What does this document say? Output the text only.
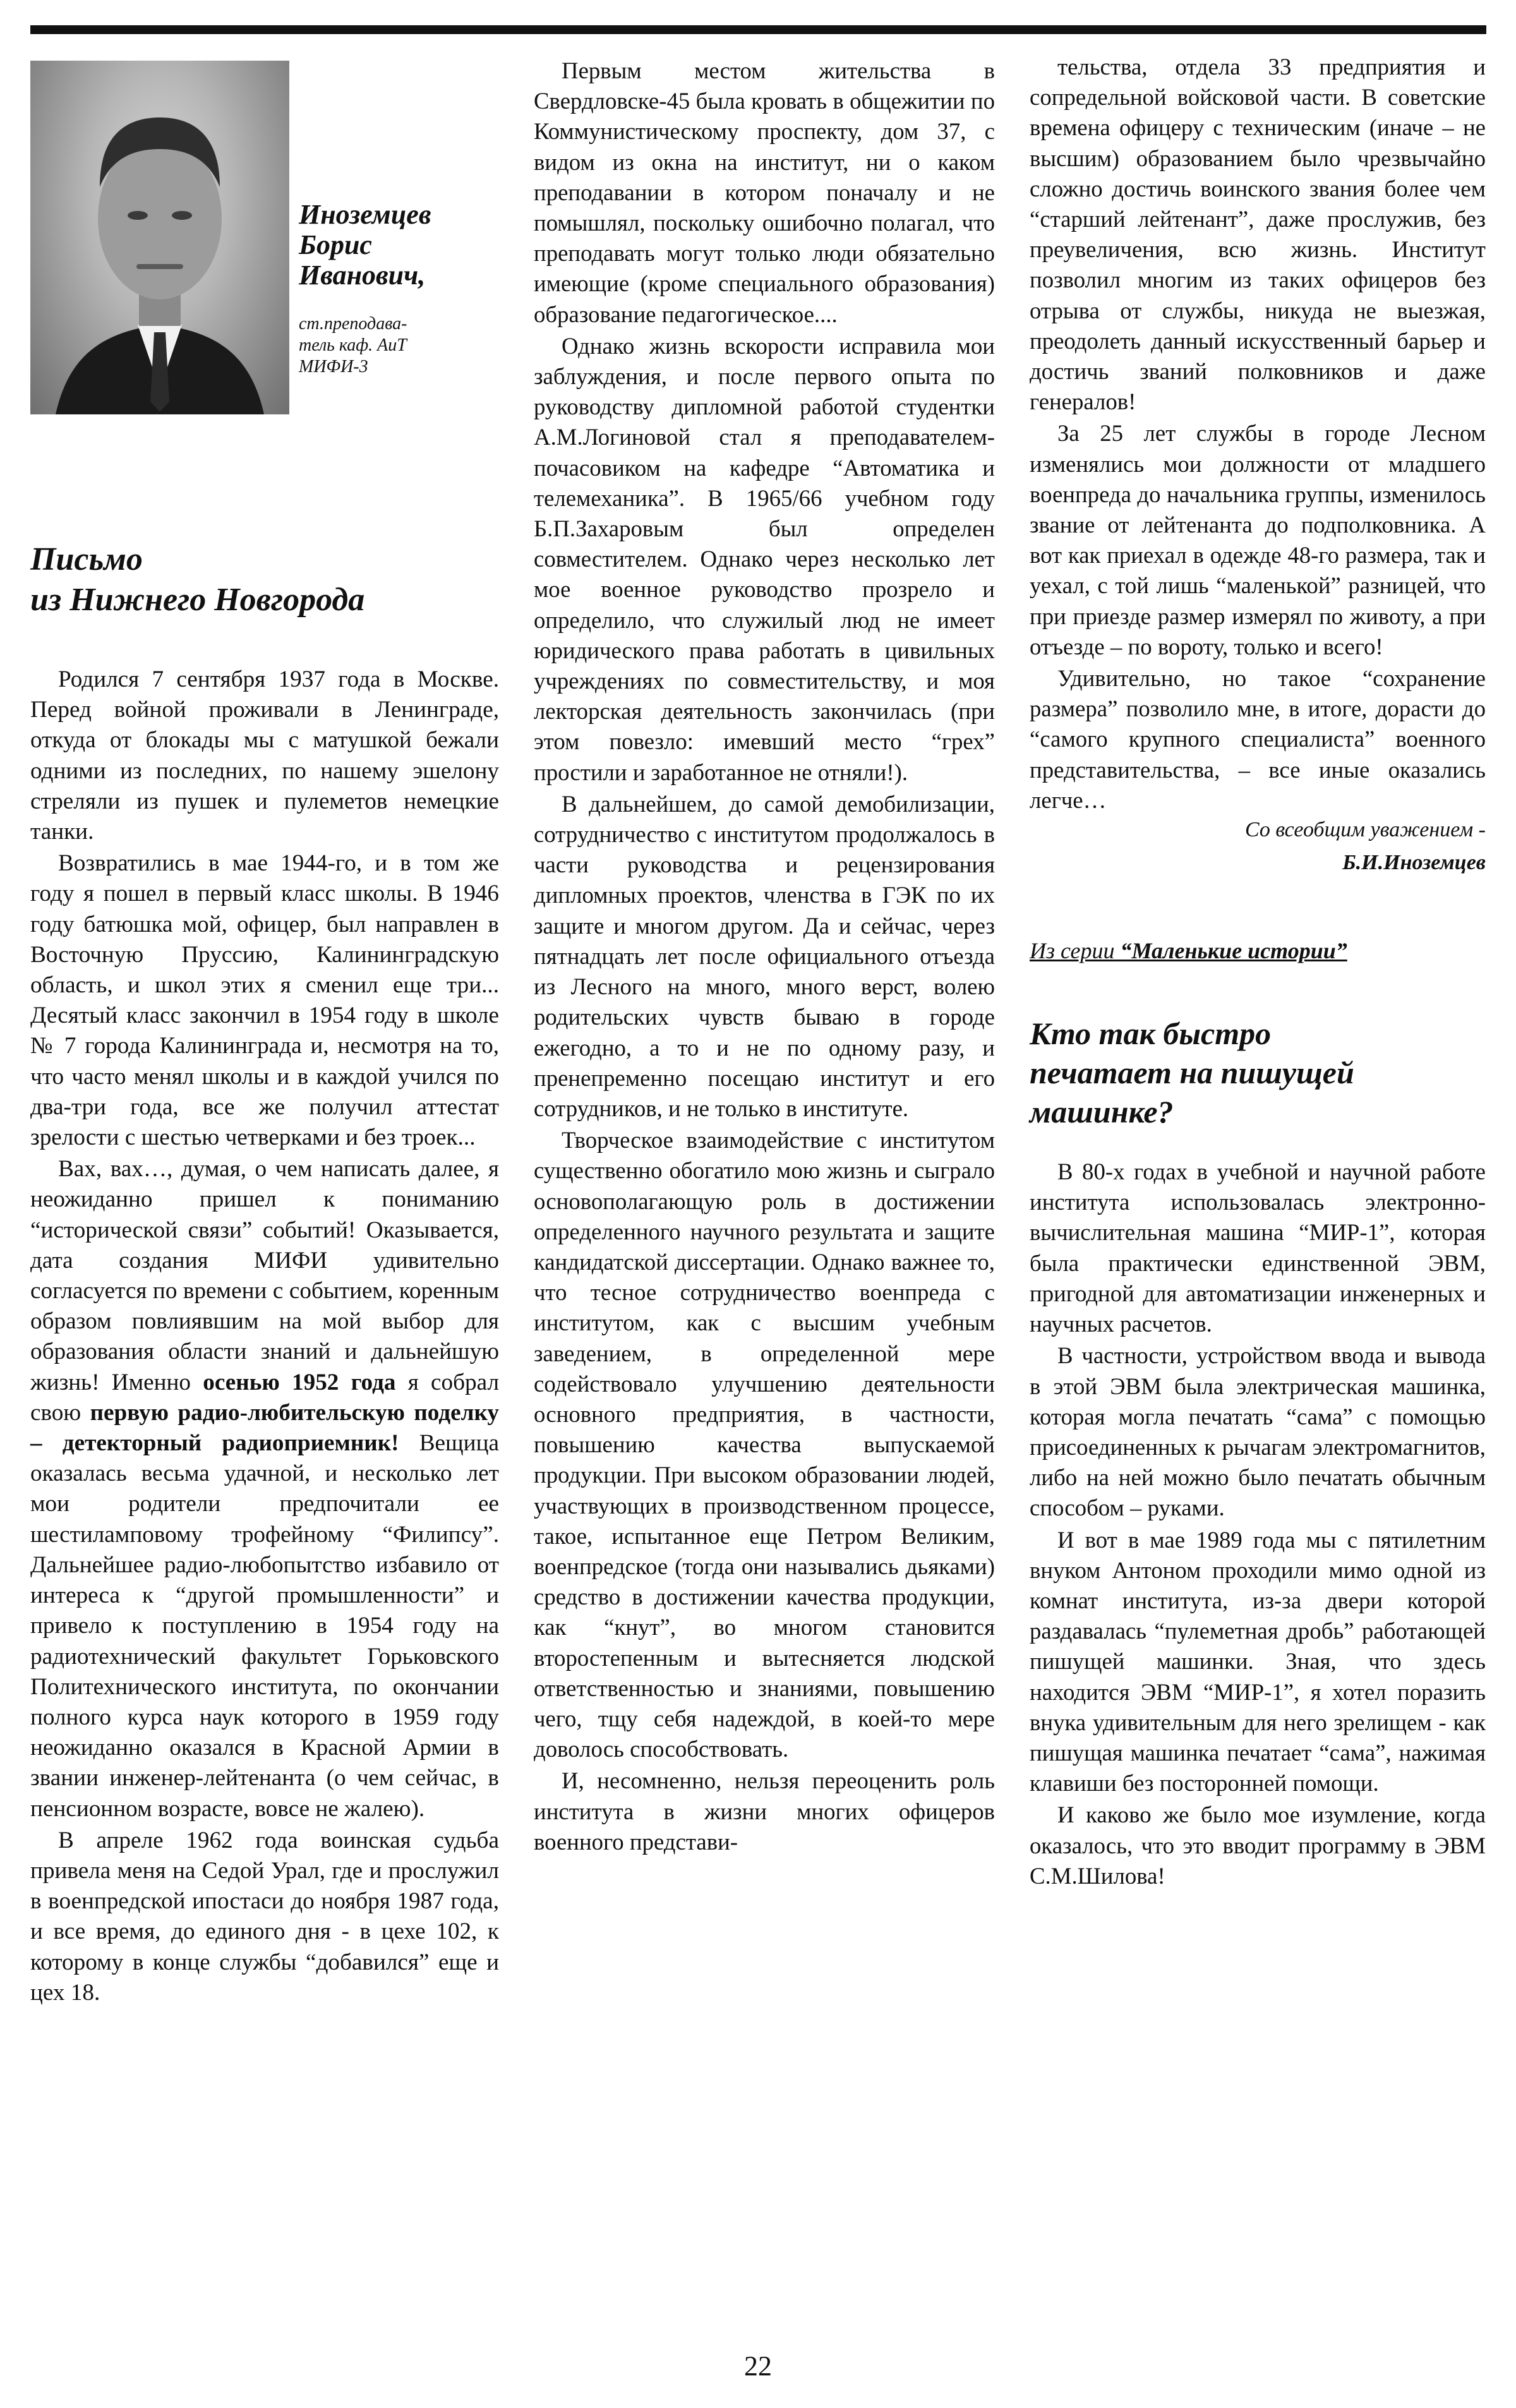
Иноземцев
Борис
Иванович,
ст.преподава-
тель каф. АиТ
МИФИ-3
Письмо
из Нижнего Новгорода

Родился 7 сентября 1937 года в Москве. Перед войной проживали в Ленинграде, откуда от блокады мы с матушкой бежали одними из последних, по нашему эшелону стреляли из пушек и пулеметов немецкие танки.

Возвратились в мае 1944-го, и в том же году я пошел в первый класс школы. В 1946 году батюшка мой, офицер, был направлен в Восточную Пруссию, Калининградскую область, и школ этих я сменил еще три... Десятый класс закончил в 1954 году в школе № 7 города Калининграда и, несмотря на то, что часто менял школы и в каждой учился по два-три года, все же получил аттестат зрелости с шестью четверками и без троек...

Вах, вах…, думая, о чем написать далее, я неожиданно пришел к пониманию “исторической связи” событий! Оказывается, дата создания МИФИ удивительно согласуется по времени с событием, коренным образом повлиявшим на мой выбор для образования области знаний и дальнейшую жизнь! Именно осенью 1952 года я собрал свою первую радио-любительскую поделку – детекторный радиоприемник! Вещица оказалась весьма удачной, и несколько лет мои родители предпочитали ее шестиламповому трофейному “Филипсу”. Дальнейшее радио-любопытство избавило от интереса к “другой промышленности” и привело к поступлению в 1954 году на радиотехнический факультет Горьковского Политехнического института, по окончании полного курса наук которого в 1959 году неожиданно оказался в Красной Армии в звании инженер-лейтенанта (о чем сейчас, в пенсионном возрасте, вовсе не жалею).

В апреле 1962 года воинская судьба привела меня на Седой Урал, где и прослужил в военпредской ипостаси до ноября 1987 года, и все время, до единого дня - в цехе 102, к которому в конце службы “добавился” еще и цех 18.

Первым местом жительства в Свердловске-45 была кровать в общежитии по Коммунистическому проспекту, дом 37, с видом из окна на институт, ни о каком преподавании в котором поначалу и не помышлял, поскольку ошибочно полагал, что преподавать могут только люди обязательно имеющие (кроме специального образования) образование педагогическое....

Однако жизнь вскорости исправила мои заблуждения, и после первого опыта по руководству дипломной работой студентки А.М.Логиновой стал я преподавателем-почасовиком на кафедре “Автоматика и телемеханика”. В 1965/66 учебном году Б.П.Захаровым был определен совместителем. Однако через несколько лет мое военное руководство прозрело и определило, что служилый люд не имеет юридического права работать в цивильных учреждениях по совместительству, и моя лекторская деятельность закончилась (при этом повезло: имевший место “грех” простили и заработанное не отняли!).

В дальнейшем, до самой демобилизации, сотрудничество с институтом продолжалось в части руководства и рецензирования дипломных проектов, членства в ГЭК по их защите и многом другом. Да и сейчас, через пятнадцать лет после официального отъезда из Лесного на много, много верст, волею родительских чувств бываю в городе ежегодно, а то и не по одному разу, и пренепременно посещаю институт и его сотрудников, и не только в институте.

Творческое взаимодействие с институтом существенно обогатило мою жизнь и сыграло основополагающую роль в достижении определенного научного результата и защите кандидатской диссертации. Однако важнее то, что тесное сотрудничество военпреда с институтом, как с высшим учебным заведением, в определенной мере содействовало улучшению деятельности основного предприятия, в частности, повышению качества выпускаемой продукции. При высоком образовании людей, участвующих в производственном процессе, такое, испытанное еще Петром Великим, военпредское (тогда они назывались дьяками) средство в достижении качества продукции, как “кнут”, во многом становится второстепенным и вытесняется людской ответственностью и знаниями, повышению чего, тщу себя надеждой, в коей-то мере доволось способствовать.

И, несомненно, нельзя переоценить роль института в жизни многих офицеров военного представи-

тельства, отдела 33 предприятия и сопредельной войсковой части. В советские времена офицеру с техническим (иначе – не высшим) образованием было чрезвычайно сложно достичь воинского звания более чем “старший лейтенант”, даже прослужив, без преувеличения, всю жизнь. Институт позволил многим из таких офицеров без отрыва от службы, никуда не выезжая, преодолеть данный искусственный барьер и достичь званий полковников и даже генералов!

За 25 лет службы в городе Лесном изменялись мои должности от младшего военпреда до начальника группы, изменилось звание от лейтенанта до подполковника. А вот как приехал в одежде 48-го размера, так и уехал, с той лишь “маленькой” разницей, что при приезде размер измерял по животу, а при отъезде – по вороту, только и всего!

Удивительно, но такое “сохранение размера” позволило мне, в итоге, дорасти до “самого крупного специалиста” военного представительства, – все иные оказались легче…

Со всеобщим уважением -
Б.И.Иноземцев
Из серии “Маленькие истории”
Кто так быстро
печатает на пишущей
машинке?

В 80-х годах в учебной и научной работе института использовалась электронно-вычислительная машина “МИР-1”, которая была практически единственной ЭВМ, пригодной для автоматизации инженерных и научных расчетов.

В частности, устройством ввода и вывода в этой ЭВМ была электрическая машинка, которая могла печатать “сама” с помощью присоединенных к рычагам электромагнитов, либо на ней можно было печатать обычным способом – руками.

И вот в мае 1989 года мы с пятилетним внуком Антоном проходили мимо одной из комнат института, из-за двери которой раздавалась “пулеметная дробь” работающей пишущей машинки. Зная, что здесь находится ЭВМ “МИР-1”, я хотел поразить внука удивительным для него зрелищем - как пишущая машинка печатает “сама”, нажимая клавиши без посторонней помощи.

И каково же было мое изумление, когда оказалось, что это вводит программу в ЭВМ С.М.Шилова!

22
